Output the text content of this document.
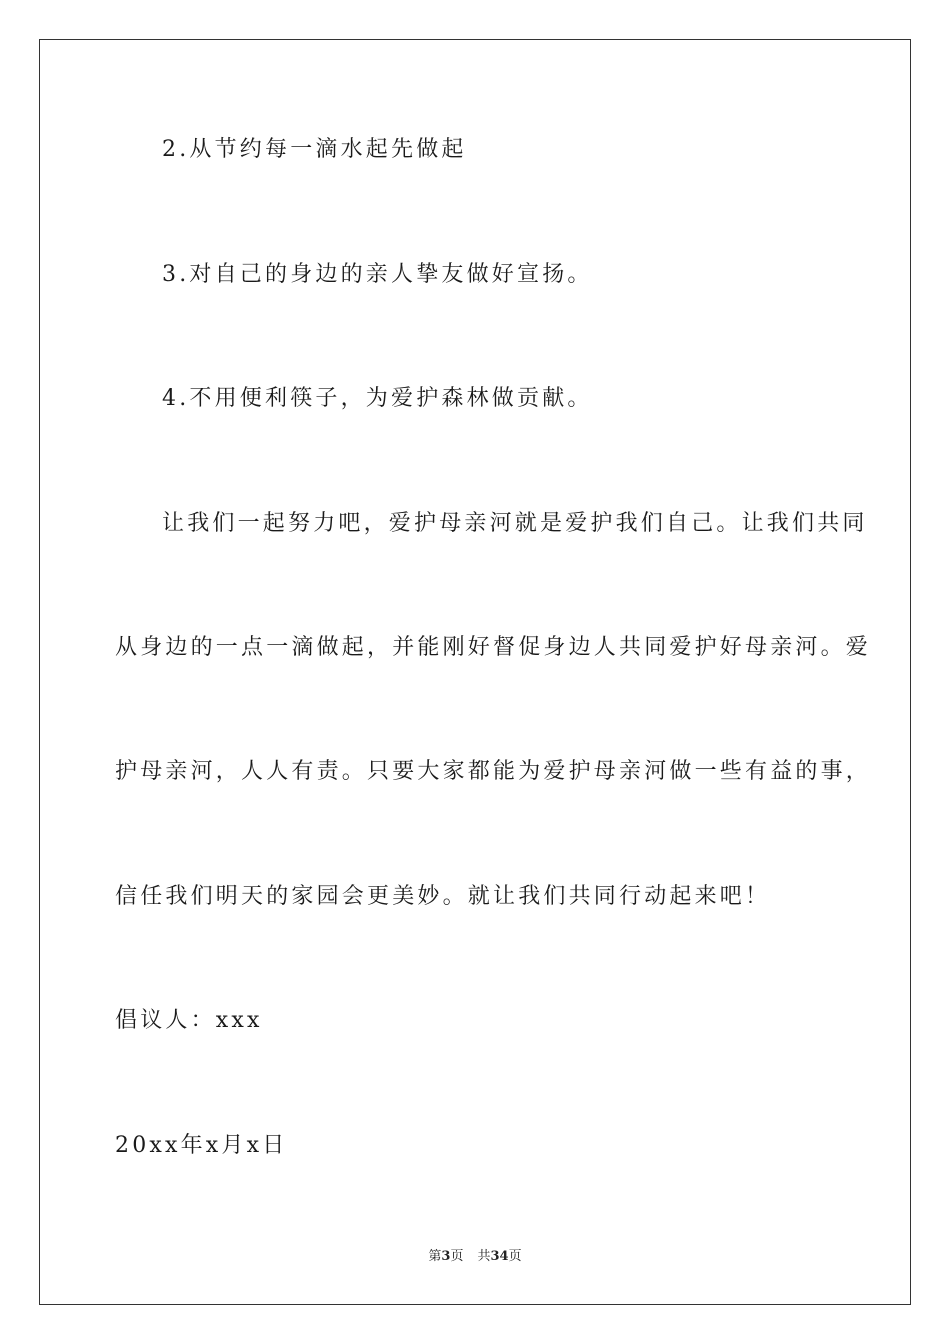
2.从节约每一滴水起先做起
3.对自己的身边的亲人挚友做好宣扬。
4.不用便利筷子，为爱护森林做贡献。
让我们一起努力吧，爱护母亲河就是爱护我们自己。让我们共同
从身边的一点一滴做起，并能刚好督促身边人共同爱护好母亲河。爱
护母亲河，人人有责。只要大家都能为爱护母亲河做一些有益的事，
信任我们明天的家园会更美妙。就让我们共同行动起来吧！
倡议人：xxx
20xx年x月x日
第3页 共34页
